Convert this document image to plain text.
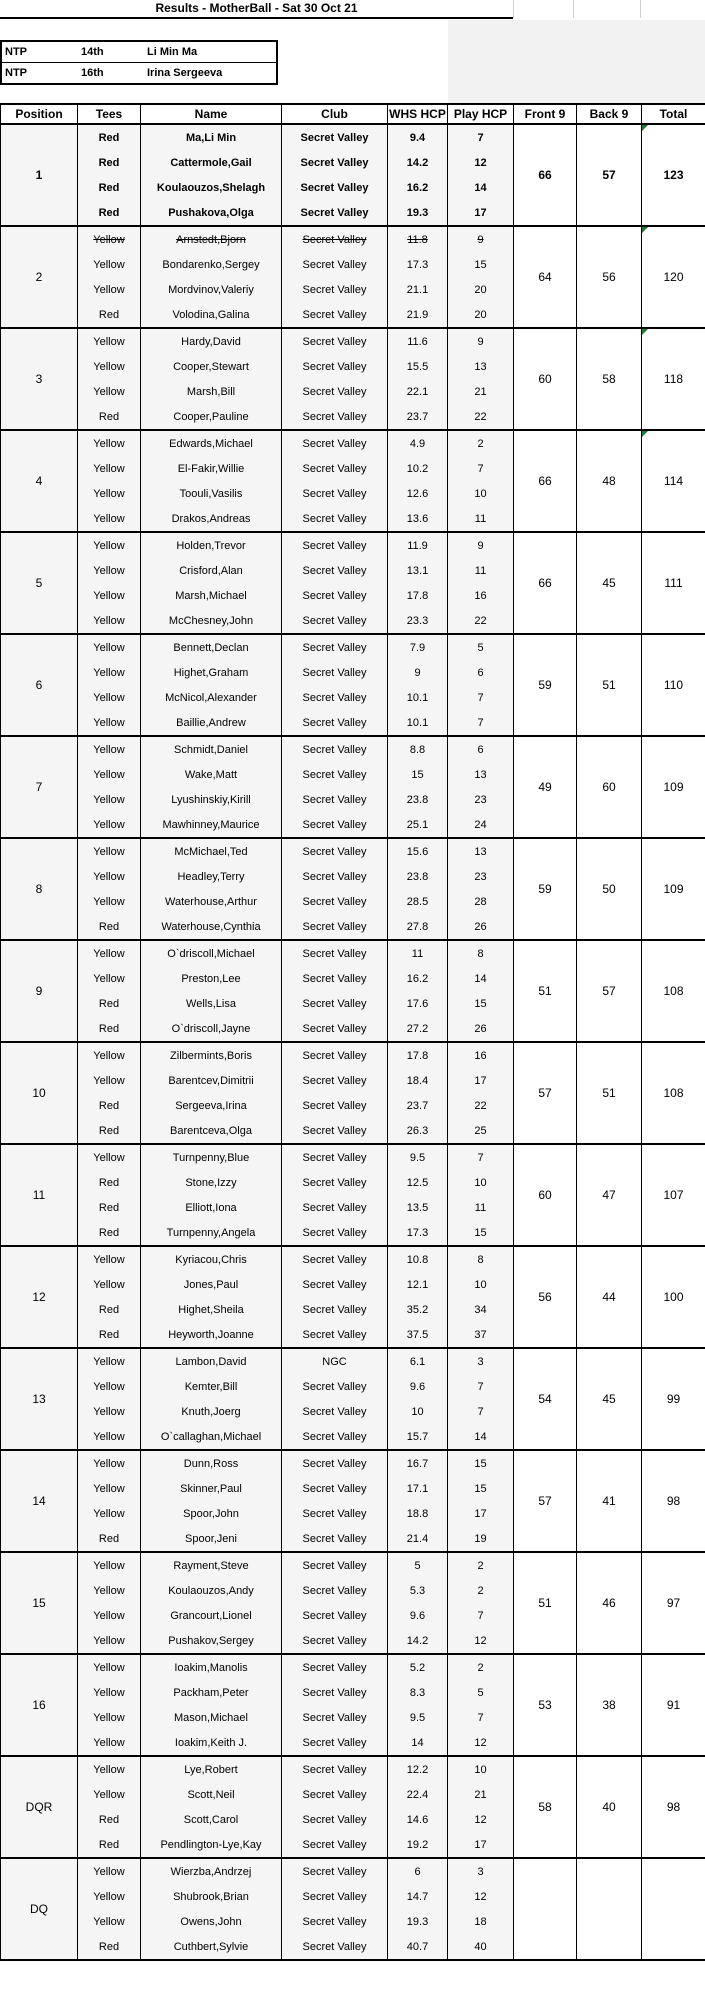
Results - MotherBall - Sat 30 Oct 21
NTP	14th	Li Min Ma
NTP	16th	Irina Sergeeva
Position	Tees	Name	Club	WHS HCP	Play HCP	Front 9	Back 9	Total
1	Red	Ma,Li Min	Secret Valley	9.4	7	66	57	123
	Red	Cattermole,Gail	Secret Valley	14.2	12			
	Red	Koulaouzos,Shelagh	Secret Valley	16.2	14			
	Red	Pushakova,Olga	Secret Valley	19.3	17			
2	Yellow	Arnstedt,Bjorn	Secret Valley	11.8	9	64	56	120
	Yellow	Bondarenko,Sergey	Secret Valley	17.3	15			
	Yellow	Mordvinov,Valeriy	Secret Valley	21.1	20			
	Red	Volodina,Galina	Secret Valley	21.9	20			
3	Yellow	Hardy,David	Secret Valley	11.6	9	60	58	118
	Yellow	Cooper,Stewart	Secret Valley	15.5	13			
	Yellow	Marsh,Bill	Secret Valley	22.1	21			
	Red	Cooper,Pauline	Secret Valley	23.7	22			
4	Yellow	Edwards,Michael	Secret Valley	4.9	2	66	48	114
	Yellow	El-Fakir,Willie	Secret Valley	10.2	7			
	Yellow	Toouli,Vasilis	Secret Valley	12.6	10			
	Yellow	Drakos,Andreas	Secret Valley	13.6	11			
5	Yellow	Holden,Trevor	Secret Valley	11.9	9	66	45	111
	Yellow	Crisford,Alan	Secret Valley	13.1	11			
	Yellow	Marsh,Michael	Secret Valley	17.8	16			
	Yellow	McChesney,John	Secret Valley	23.3	22			
6	Yellow	Bennett,Declan	Secret Valley	7.9	5	59	51	110
	Yellow	Highet,Graham	Secret Valley	9	6			
	Yellow	McNicol,Alexander	Secret Valley	10.1	7			
	Yellow	Baillie,Andrew	Secret Valley	10.1	7			
7	Yellow	Schmidt,Daniel	Secret Valley	8.8	6	49	60	109
	Yellow	Wake,Matt	Secret Valley	15	13			
	Yellow	Lyushinskiy,Kirill	Secret Valley	23.8	23			
	Yellow	Mawhinney,Maurice	Secret Valley	25.1	24			
8	Yellow	McMichael,Ted	Secret Valley	15.6	13	59	50	109
	Yellow	Headley,Terry	Secret Valley	23.8	23			
	Yellow	Waterhouse,Arthur	Secret Valley	28.5	28			
	Red	Waterhouse,Cynthia	Secret Valley	27.8	26			
9	Yellow	O`driscoll,Michael	Secret Valley	11	8	51	57	108
	Yellow	Preston,Lee	Secret Valley	16.2	14			
	Red	Wells,Lisa	Secret Valley	17.6	15			
	Red	O`driscoll,Jayne	Secret Valley	27.2	26			
10	Yellow	Zilbermints,Boris	Secret Valley	17.8	16	57	51	108
	Yellow	Barentcev,Dimitrii	Secret Valley	18.4	17			
	Red	Sergeeva,Irina	Secret Valley	23.7	22			
	Red	Barentceva,Olga	Secret Valley	26.3	25			
11	Yellow	Turnpenny,Blue	Secret Valley	9.5	7	60	47	107
	Red	Stone,Izzy	Secret Valley	12.5	10			
	Red	Elliott,Iona	Secret Valley	13.5	11			
	Red	Turnpenny,Angela	Secret Valley	17.3	15			
12	Yellow	Kyriacou,Chris	Secret Valley	10.8	8	56	44	100
	Yellow	Jones,Paul	Secret Valley	12.1	10			
	Red	Highet,Sheila	Secret Valley	35.2	34			
	Red	Heyworth,Joanne	Secret Valley	37.5	37			
13	Yellow	Lambon,David	NGC	6.1	3	54	45	99
	Yellow	Kemter,Bill	Secret Valley	9.6	7			
	Yellow	Knuth,Joerg	Secret Valley	10	7			
	Yellow	O`callaghan,Michael	Secret Valley	15.7	14			
14	Yellow	Dunn,Ross	Secret Valley	16.7	15	57	41	98
	Yellow	Skinner,Paul	Secret Valley	17.1	15			
	Yellow	Spoor,John	Secret Valley	18.8	17			
	Red	Spoor,Jeni	Secret Valley	21.4	19			
15	Yellow	Rayment,Steve	Secret Valley	5	2	51	46	97
	Yellow	Koulaouzos,Andy	Secret Valley	5.3	2			
	Yellow	Grancourt,Lionel	Secret Valley	9.6	7			
	Yellow	Pushakov,Sergey	Secret Valley	14.2	12			
16	Yellow	Ioakim,Manolis	Secret Valley	5.2	2	53	38	91
	Yellow	Packham,Peter	Secret Valley	8.3	5			
	Yellow	Mason,Michael	Secret Valley	9.5	7			
	Yellow	Ioakim,Keith J.	Secret Valley	14	12			
DQR	Yellow	Lye,Robert	Secret Valley	12.2	10	58	40	98
	Yellow	Scott,Neil	Secret Valley	22.4	21			
	Red	Scott,Carol	Secret Valley	14.6	12			
	Red	Pendlington-Lye,Kay	Secret Valley	19.2	17			
DQ	Yellow	Wierzba,Andrzej	Secret Valley	6	3			
	Yellow	Shubrook,Brian	Secret Valley	14.7	12			
	Yellow	Owens,John	Secret Valley	19.3	18			
	Red	Cuthbert,Sylvie	Secret Valley	40.7	40			
